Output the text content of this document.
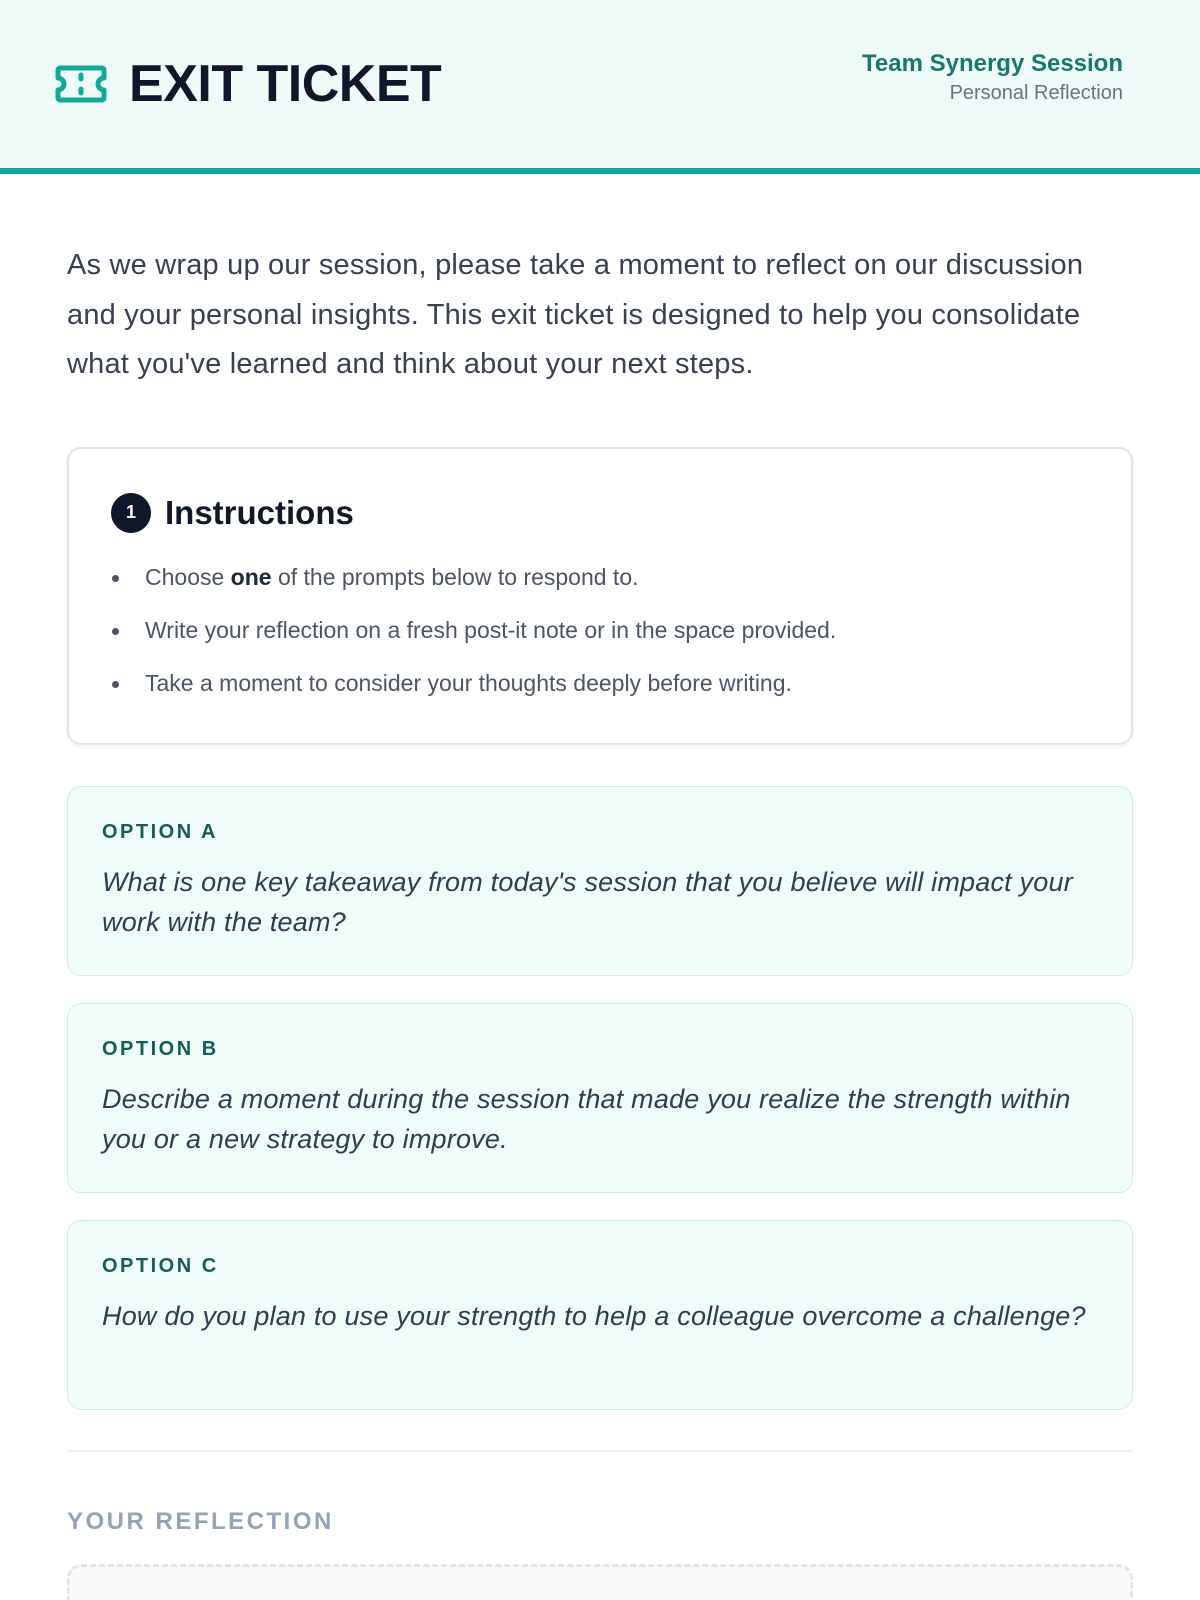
EXIT TICKET	Team Synergy Session
Personal Reflection

As we wrap up our session, please take a moment to reflect on our discussion and your personal insights. This exit ticket is designed to help you consolidate what you've learned and think about your next steps.

1 Instructions
Choose one of the prompts below to respond to.
Write your reflection on a fresh post-it note or in the space provided.
Take a moment to consider your thoughts deeply before writing.
OPTION A

What is one key takeaway from today's session that you believe will impact your work with the team?

OPTION B

Describe a moment during the session that made you realize the strength within you or a new strategy to improve.

OPTION C

How do you plan to use your strength to help a colleague overcome a challenge?

YOUR REFLECTION
